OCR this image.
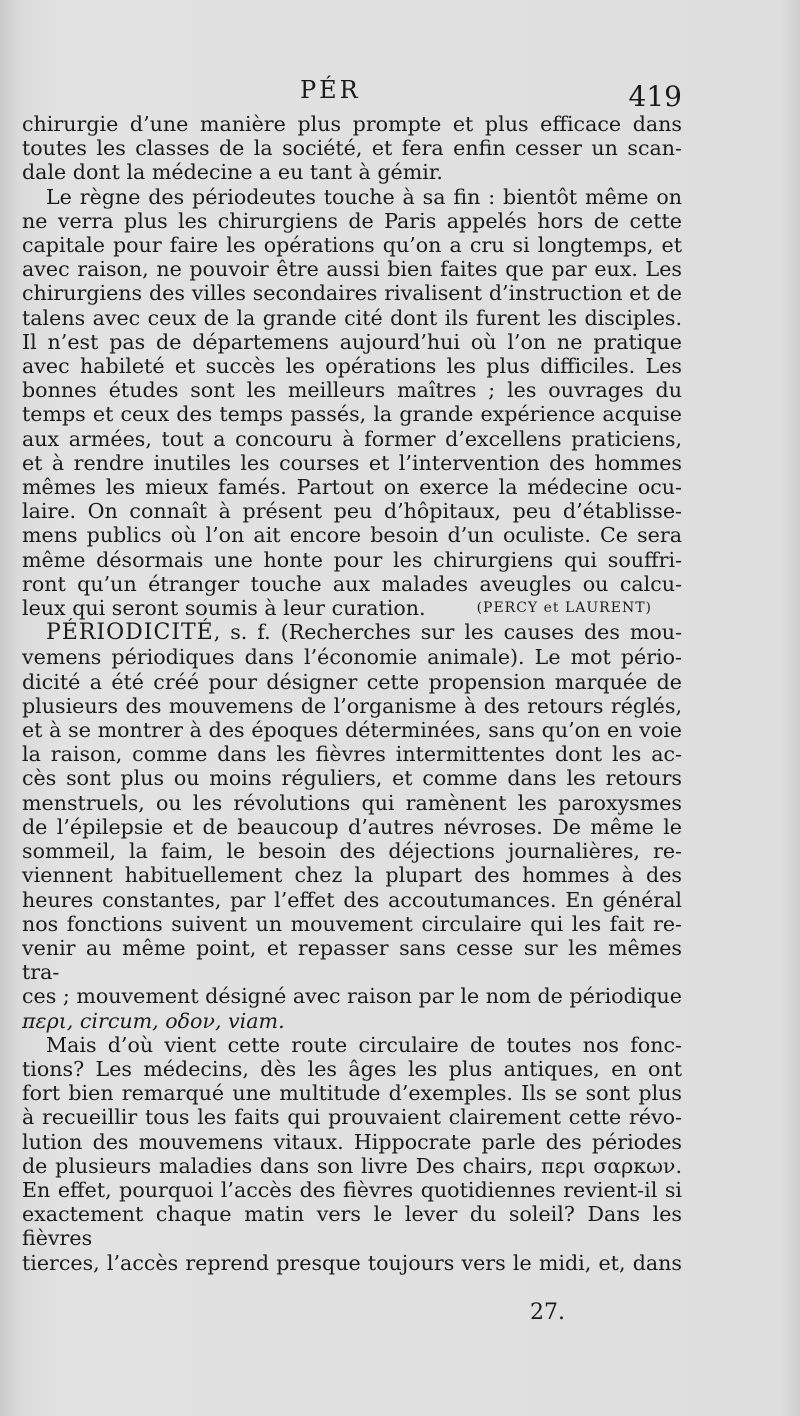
PÉR	419

chirurgie d’une manière plus prompte et plus efficace dans

toutes les classes de la société, et fera enfin cesser un scan-

dale dont la médecine a eu tant à gémir.

Le règne des périodeutes touche à sa fin : bientôt même on

ne verra plus les chirurgiens de Paris appelés hors de cette

capitale pour faire les opérations qu’on a cru si longtemps, et

avec raison, ne pouvoir être aussi bien faites que par eux. Les

chirurgiens des villes secondaires rivalisent d’instruction et de

talens avec ceux de la grande cité dont ils furent les disciples.

Il n’est pas de départemens aujourd’hui où l’on ne pratique

avec habileté et succès les opérations les plus difficiles. Les

bonnes études sont les meilleurs maîtres ; les ouvrages du

temps et ceux des temps passés, la grande expérience acquise

aux armées, tout a concouru à former d’excellens praticiens,

et à rendre inutiles les courses et l’intervention des hommes

mêmes les mieux famés. Partout on exerce la médecine ocu-

laire. On connaît à présent peu d’hôpitaux, peu d’établisse-

mens publics où l’on ait encore besoin d’un oculiste. Ce sera

même désormais une honte pour les chirurgiens qui souffri-

ront qu’un étranger touche aux malades aveugles ou calcu-

leux qui seront soumis à leur curation.	(PERCY et LAURENT)

PÉRIODICITÉ, s. f. (Recherches sur les causes des mou-

vemens périodiques dans l’économie animale). Le mot pério-

dicité a été créé pour désigner cette propension marquée de

plusieurs des mouvemens de l’organisme à des retours réglés,

et à se montrer à des époques déterminées, sans qu’on en voie

la raison, comme dans les fièvres intermittentes dont les ac-

cès sont plus ou moins réguliers, et comme dans les retours

menstruels, ou les révolutions qui ramènent les paroxysmes

de l’épilepsie et de beaucoup d’autres névroses. De même le

sommeil, la faim, le besoin des déjections journalières, re-

viennent habituellement chez la plupart des hommes à des

heures constantes, par l’effet des accoutumances. En général

nos fonctions suivent un mouvement circulaire qui les fait re-

venir au même point, et repasser sans cesse sur les mêmes tra-

ces ; mouvement désigné avec raison par le nom de périodique

περι, circum, οδον, viam.

Mais d’où vient cette route circulaire de toutes nos fonc-

tions? Les médecins, dès les âges les plus antiques, en ont

fort bien remarqué une multitude d’exemples. Ils se sont plus

à recueillir tous les faits qui prouvaient clairement cette révo-

lution des mouvemens vitaux. Hippocrate parle des périodes

de plusieurs maladies dans son livre Des chairs, περι σαρκων.

En effet, pourquoi l’accès des fièvres quotidiennes revient-il si

exactement chaque matin vers le lever du soleil? Dans les fièvres

tierces, l’accès reprend presque toujours vers le midi, et, dans

27.
